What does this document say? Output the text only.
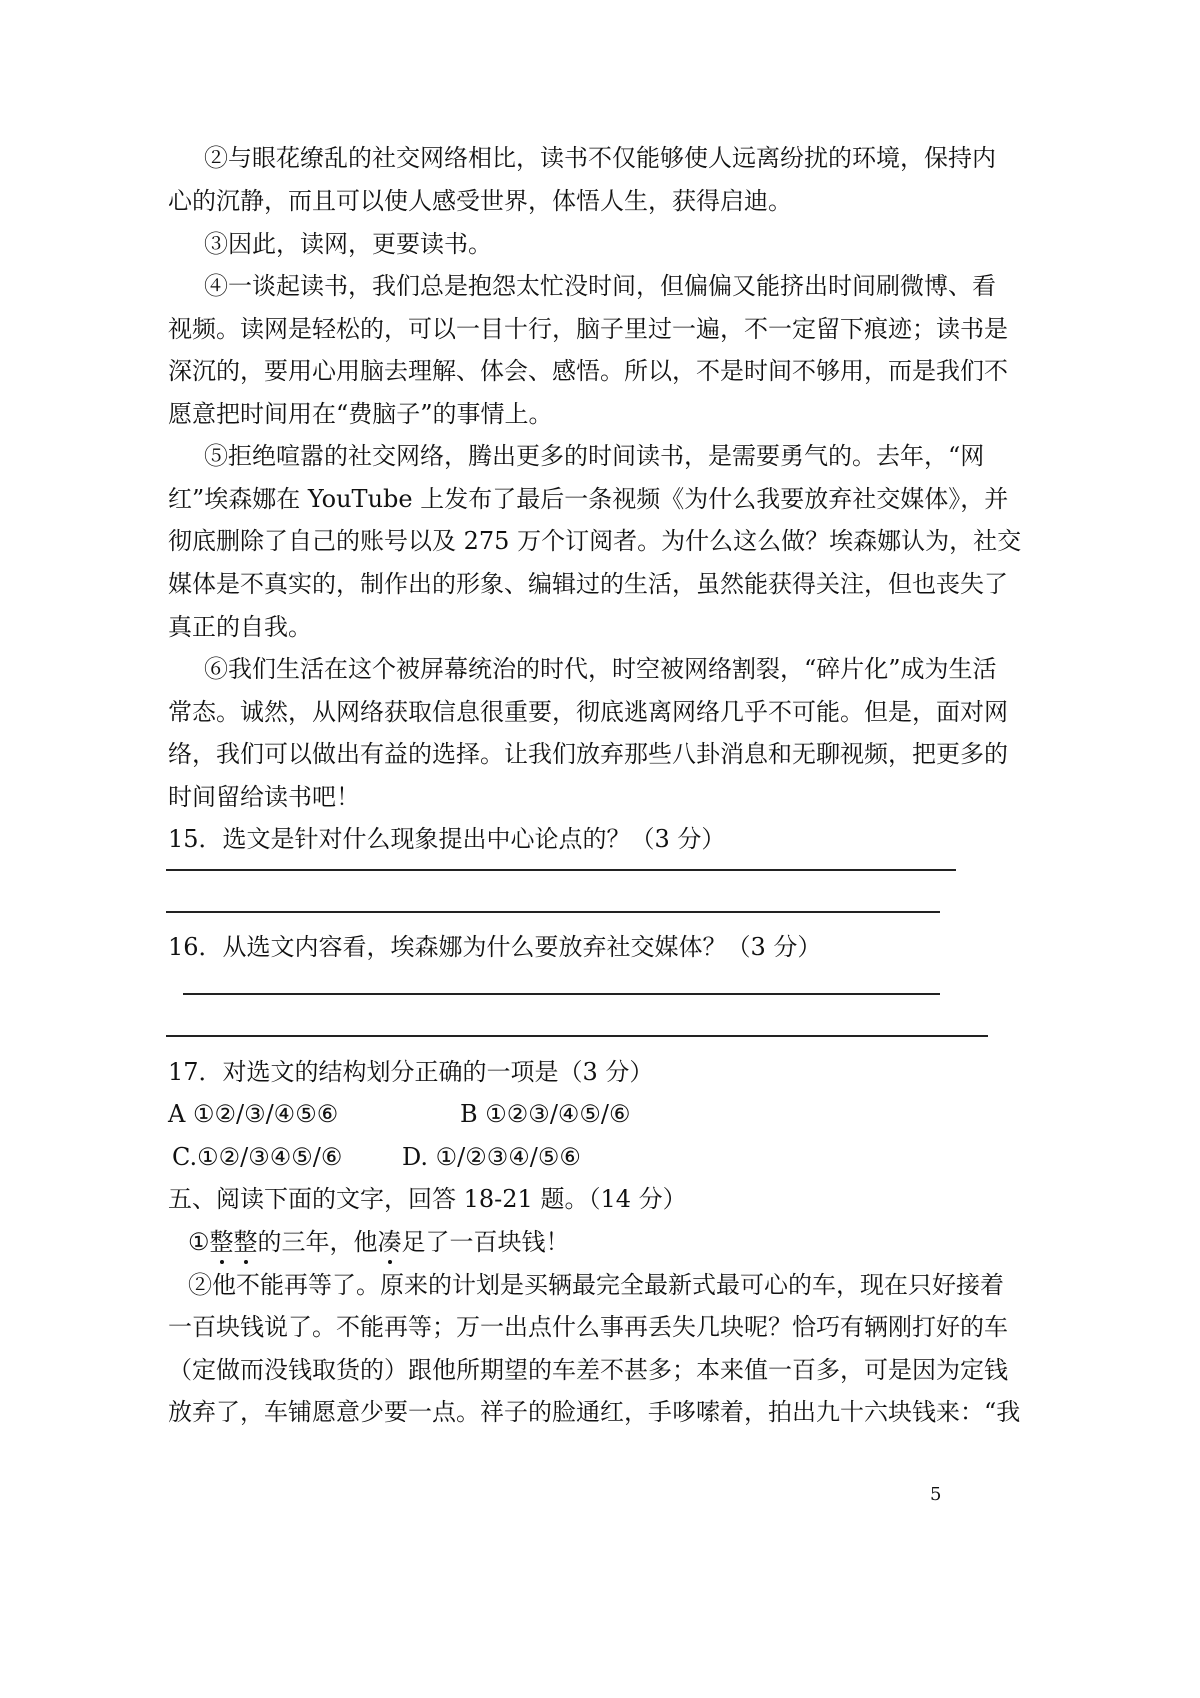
②与眼花缭乱的社交网络相比，读书不仅能够使人远离纷扰的环境，保持内
心的沉静，而且可以使人感受世界，体悟人生，获得启迪。
③因此，读网，更要读书。
④一谈起读书，我们总是抱怨太忙没时间，但偏偏又能挤出时间刷微博、看
视频。读网是轻松的，可以一目十行，脑子里过一遍，不一定留下痕迹；读书是
深沉的，要用心用脑去理解、体会、感悟。所以，不是时间不够用，而是我们不
愿意把时间用在“费脑子”的事情上。
⑤拒绝喧嚣的社交网络，腾出更多的时间读书，是需要勇气的。去年，“网
红”埃森娜在 YouTube 上发布了最后一条视频《为什么我要放弃社交媒体》，并
彻底删除了自己的账号以及 275 万个订阅者。为什么这么做？埃森娜认为，社交
媒体是不真实的，制作出的形象、编辑过的生活，虽然能获得关注，但也丧失了
真正的自我。
⑥我们生活在这个被屏幕统治的时代，时空被网络割裂，“碎片化”成为生活
常态。诚然，从网络获取信息很重要，彻底逃离网络几乎不可能。但是，面对网
络，我们可以做出有益的选择。让我们放弃那些八卦消息和无聊视频，把更多的
时间留给读书吧！
15．选文是针对什么现象提出中心论点的？（3 分）
16．从选文内容看，埃森娜为什么要放弃社交媒体？（3 分）
17．对选文的结构划分正确的一项是（3 分）
A ①②/③/④⑤⑥	B ①②③/④⑤/⑥
C.①②/③④⑤/⑥ D. ①/②③④/⑤⑥
五、阅读下面的文字，回答 18-21 题。（14 分）
①整整的三年，他凑足了一百块钱！
②他不能再等了。原来的计划是买辆最完全最新式最可心的车，现在只好接着
一百块钱说了。不能再等；万一出点什么事再丢失几块呢？恰巧有辆刚打好的车
（定做而没钱取货的）跟他所期望的车差不甚多；本来值一百多，可是因为定钱
放弃了，车铺愿意少要一点。祥子的脸通红，手哆嗦着，拍出九十六块钱来：“我
5
